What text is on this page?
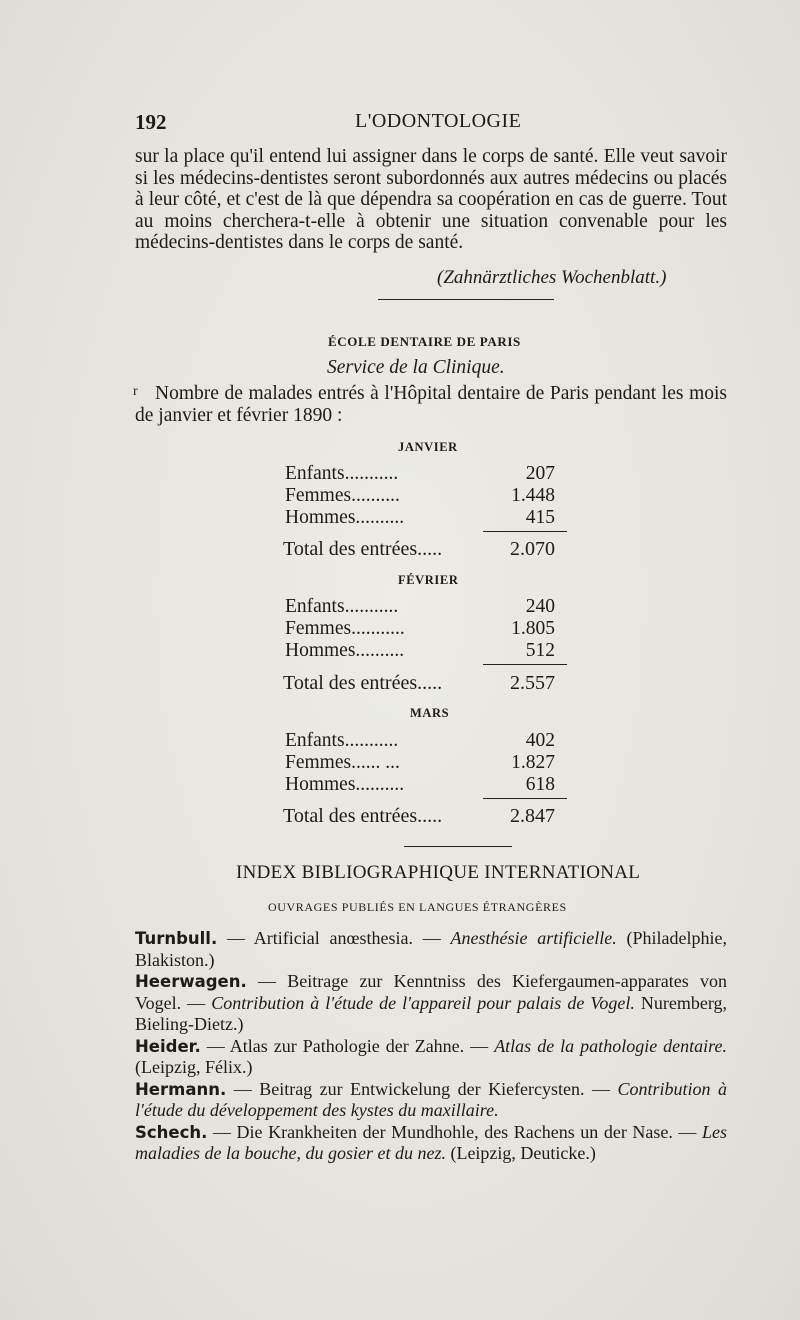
192	L'ODONTOLOGIE

sur la place qu'il entend lui assigner dans le corps de santé. Elle veut savoir si les médecins-dentistes seront subordonnés aux autres médecins ou placés à leur côté, et c'est de là que dépendra sa coopération en cas de guerre. Tout au moins cherchera-t-elle à obtenir une situation convenable pour les médecins-dentistes dans le corps de santé.

(Zahnärztliches Wochenblatt.)
ÉCOLE DENTAIRE DE PARIS
Service de la Clinique.
r Nombre de malades entrés à l'Hôpital dentaire de Paris pendant les mois de janvier et février 1890 :

JANVIER
Enfants...........	207
Femmes..........	1.448
Hommes..........	415
Total des entrées.....	2.070
FÉVRIER
Enfants...........	240
Femmes...........	1.805
Hommes..........	512
Total des entrées.....	2.557
MARS
Enfants...........	402
Femmes...... ...	1.827
Hommes..........	618
Total des entrées.....	2.847
INDEX BIBLIOGRAPHIQUE INTERNATIONAL
OUVRAGES PUBLIÉS EN LANGUES ÉTRANGÈRES

Turnbull. — Artificial anœsthesia. — Anesthésie artificielle. (Philadelphie, Blakiston.)

Heerwagen. — Beitrage zur Kenntniss des Kiefergaumen-apparates von Vogel. — Contribution à l'étude de l'appareil pour palais de Vogel. Nuremberg, Bieling-Dietz.)

Heider. — Atlas zur Pathologie der Zahne. — Atlas de la pathologie dentaire. (Leipzig, Félix.)

Hermann. — Beitrag zur Entwickelung der Kiefercysten. — Contribution à l'étude du développement des kystes du maxillaire.

Schech. — Die Krankheiten der Mundhohle, des Rachens un der Nase. — Les maladies de la bouche, du gosier et du nez. (Leipzig, Deuticke.)
